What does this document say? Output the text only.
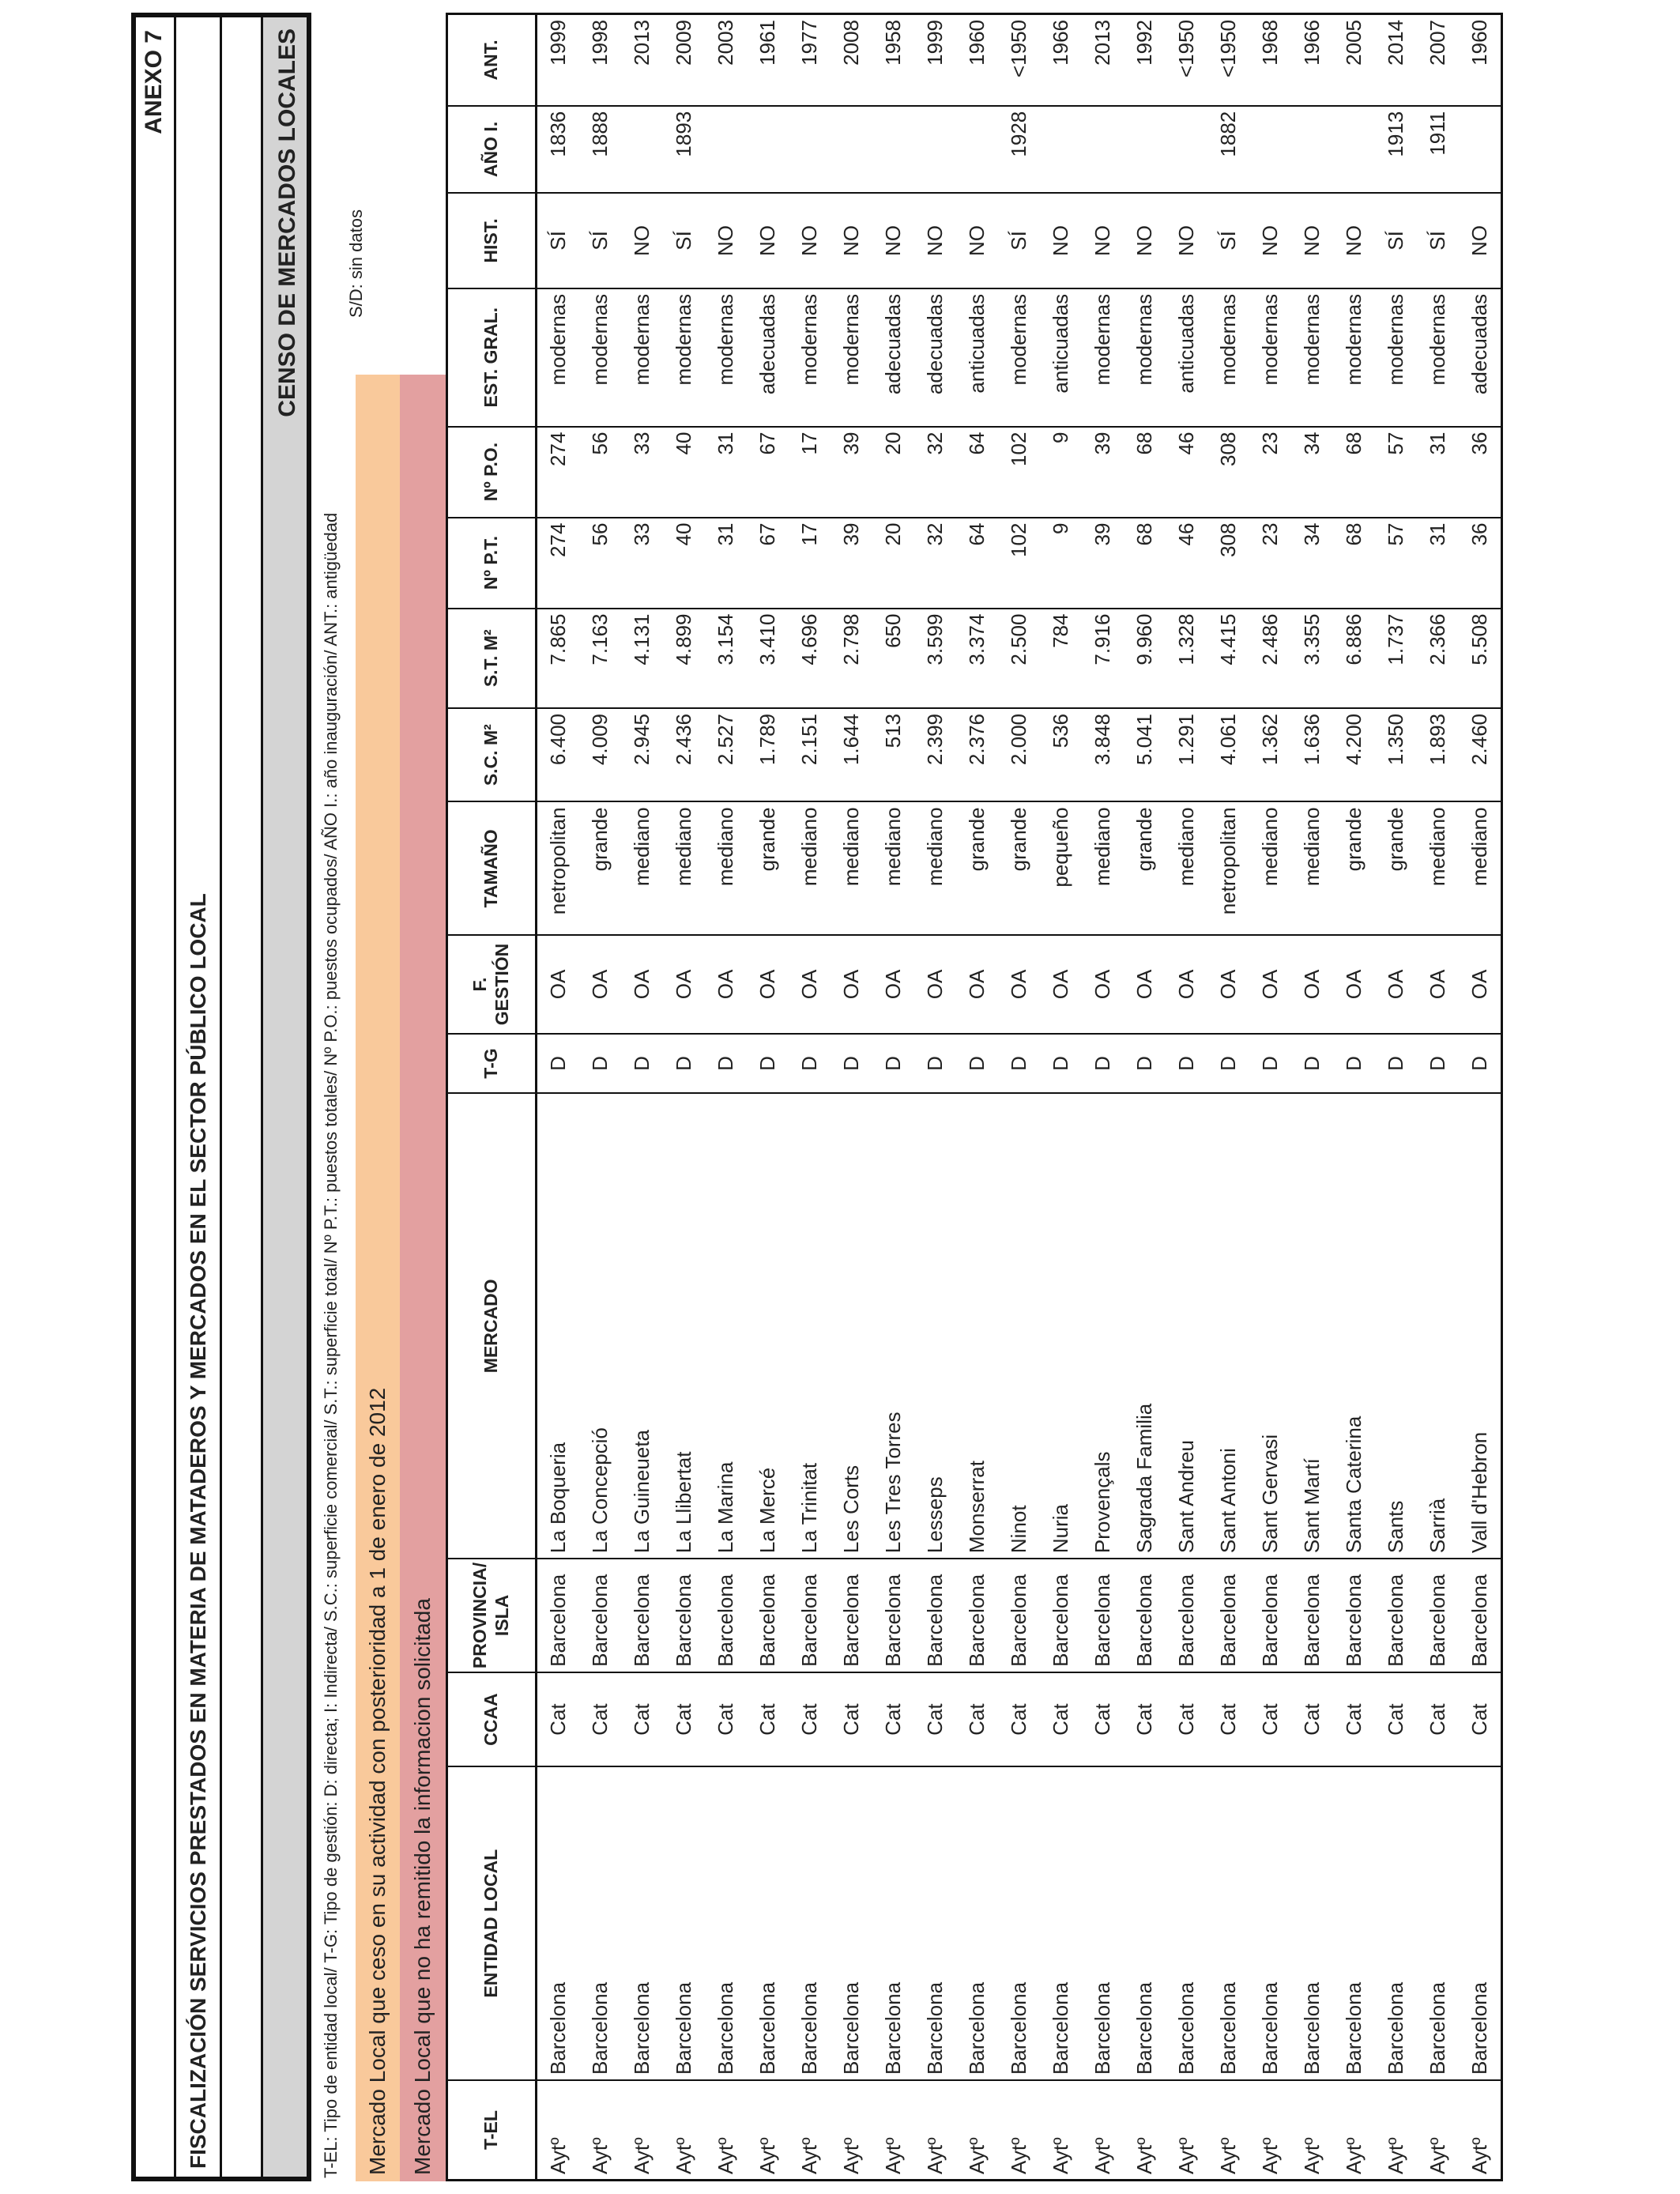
ANEXO 7
FISCALIZACIÓN SERVICIOS PRESTADOS EN MATERIA DE MATADEROS Y MERCADOS EN EL SECTOR PÚBLICO LOCAL
CENSO DE MERCADOS LOCALES
T-EL: Tipo de entidad local/ T-G: Tipo de gestión: D: directa; I: Indirecta/ S.C.: superficie comercial/ S.T.: superficie total/ Nº P.T.: puestos totales/ Nº P.O.: puestos ocupados/ AÑO I.: año inauguración/ ANT.: antigüedad
S/D: sin datos
Mercado Local que ceso en su actividad con posterioridad a 1 de enero de 2012 Mercado Local que no ha remitido la informacion solicitada	T-EL	ENTIDAD LOCAL	CCAA	PROVINCIA/ ISLA	MERCADO	T-G	F. GESTIÓN	TAMAÑO	S.C. M²	S.T. M²	Nº P.T.	Nº P.O.	EST. GRAL.	HIST.	AÑO I.	ANT.
Aytº	Barcelona	Cat	Barcelona	La Boqueria	D	OA	netropolitan	6.400	7.865	274	274	modernas	SÍ	1836	1999
Aytº	Barcelona	Cat	Barcelona	La Concepció	D	OA	grande	4.009	7.163	56	56	modernas	SÍ	1888	1998
Aytº	Barcelona	Cat	Barcelona	La Guineueta	D	OA	mediano	2.945	4.131	33	33	modernas	NO		2013
Aytº	Barcelona	Cat	Barcelona	La Llibertat	D	OA	mediano	2.436	4.899	40	40	modernas	SÍ	1893	2009
Aytº	Barcelona	Cat	Barcelona	La Marina	D	OA	mediano	2.527	3.154	31	31	modernas	NO		2003
Aytº	Barcelona	Cat	Barcelona	La Mercé	D	OA	grande	1.789	3.410	67	67	adecuadas	NO		1961
Aytº	Barcelona	Cat	Barcelona	La Trinitat	D	OA	mediano	2.151	4.696	17	17	modernas	NO		1977
Aytº	Barcelona	Cat	Barcelona	Les Corts	D	OA	mediano	1.644	2.798	39	39	modernas	NO		2008
Aytº	Barcelona	Cat	Barcelona	Les Tres Torres	D	OA	mediano	513	650	20	20	adecuadas	NO		1958
Aytº	Barcelona	Cat	Barcelona	Lesseps	D	OA	mediano	2.399	3.599	32	32	adecuadas	NO		1999
Aytº	Barcelona	Cat	Barcelona	Monserrat	D	OA	grande	2.376	3.374	64	64	anticuadas	NO		1960
Aytº	Barcelona	Cat	Barcelona	Ninot	D	OA	grande	2.000	2.500	102	102	modernas	SÍ	1928	<1950
Aytº	Barcelona	Cat	Barcelona	Nuria	D	OA	pequeño	536	784	9	9	anticuadas	NO		1966
Aytº	Barcelona	Cat	Barcelona	Provençals	D	OA	mediano	3.848	7.916	39	39	modernas	NO		2013
Aytº	Barcelona	Cat	Barcelona	Sagrada Familia	D	OA	grande	5.041	9.960	68	68	modernas	NO		1992
Aytº	Barcelona	Cat	Barcelona	Sant Andreu	D	OA	mediano	1.291	1.328	46	46	anticuadas	NO		<1950
Aytº	Barcelona	Cat	Barcelona	Sant Antoni	D	OA	netropolitan	4.061	4.415	308	308	modernas	SÍ	1882	<1950
Aytº	Barcelona	Cat	Barcelona	Sant Gervasi	D	OA	mediano	1.362	2.486	23	23	modernas	NO		1968
Aytº	Barcelona	Cat	Barcelona	Sant Martí	D	OA	mediano	1.636	3.355	34	34	modernas	NO		1966
Aytº	Barcelona	Cat	Barcelona	Santa Caterina	D	OA	grande	4.200	6.886	68	68	modernas	NO		2005
Aytº	Barcelona	Cat	Barcelona	Sants	D	OA	grande	1.350	1.737	57	57	modernas	SÍ	1913	2014
Aytº	Barcelona	Cat	Barcelona	Sarrià	D	OA	mediano	1.893	2.366	31	31	modernas	SÍ	1911	2007
Aytº	Barcelona	Cat	Barcelona	Vall d'Hebron	D	OA	mediano	2.460	5.508	36	36	adecuadas	NO		1960
